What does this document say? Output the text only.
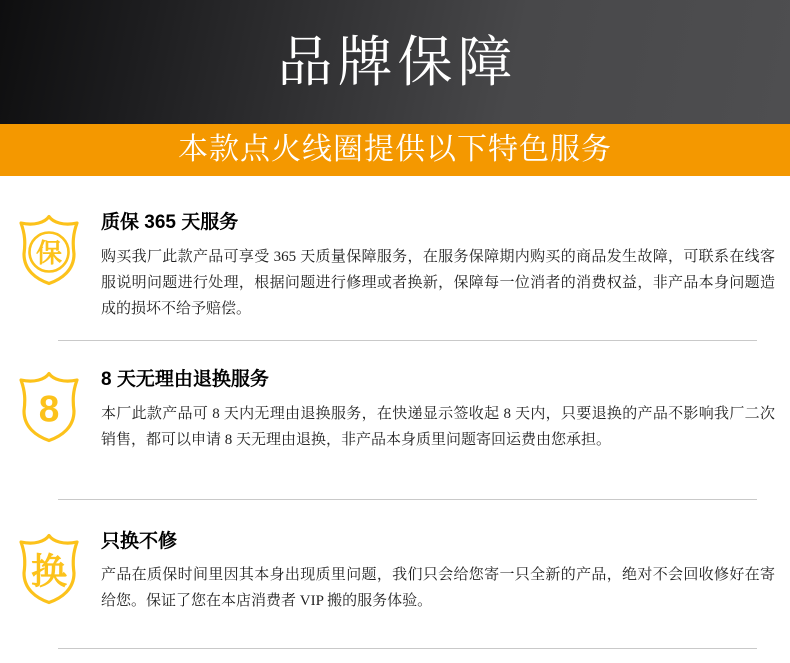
品牌保障
本款点火线圈提供以下特色服务
保
质保 365 天服务

购买我厂此款产品可享受 365 天质量保障服务，在服务保障期内购买的商品发生故障，可联系在线客服说明问题进行处理，根据问题进行修理或者换新，保障每一位消者的消费权益，非产品本身问题造成的损坏不给予赔偿。

8
8 天无理由退换服务

本厂此款产品可 8 天内无理由退换服务，在快递显示签收起 8 天内，只要退换的产品不影响我厂二次销售，都可以申请 8 天无理由退换，非产品本身质里问题寄回运费由您承担。

换
只换不修

产品在质保时间里因其本身出现质里问题，我们只会给您寄一只全新的产品，绝对不会回收修好在寄给您。保证了您在本店消费者 VIP 搬的服务体验。
